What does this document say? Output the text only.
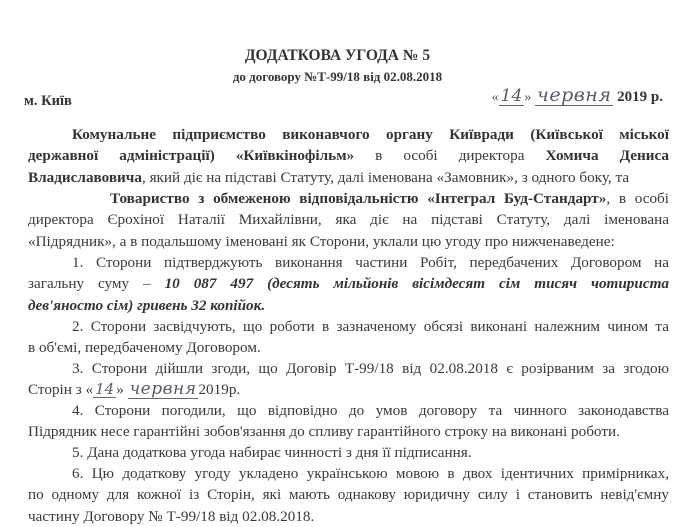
ДОДАТКОВА УГОДА № 5
до договору №Т-99/18 від 02.08.2018
м. Київ	« 14 » червня 2019 р.
Комунальне підприємство виконавчого органу Київради (Київської міської
державної адміністрації) «Київкінофільм» в особі директора Хомича Дениса
Владиславовича, який діє на підставі Статуту, далі іменована «Замовник», з одного боку, та
Товариство з обмеженою відповідальністю «Інтеграл Буд-Стандарт», в особі
директора Єрохіної Наталії Михайлівни, яка діє на підставі Статуту, далі іменована
«Підрядник», а в подальшому іменовані як Сторони, уклали цю угоду про нижченаведене:
1. Сторони підтверджують виконання частини Робіт, передбачених Договором на
загальну суму – 10 087 497 (десять мільйонів вісімдесят сім тисяч чотириста
дев'яносто сім) гривень 32 копійок.
2. Сторони засвідчують, що роботи в зазначеному обсязі виконані належним чином та
в об'ємі, передбаченому Договором.
3. Сторони дійшли згоди, що Договір Т-99/18 від 02.08.2018 є розірваним за згодою
Сторін з « 14 » червня 2019р.
4. Сторони погодили, що відповідно до умов договору та чинного законодавства
Підрядник несе гарантійні зобов'язання до спливу гарантійного строку на виконані роботи.
5. Дана додаткова угода набирає чинності з дня її підписання.
6. Цю додаткову угоду укладено українською мовою в двох ідентичних примірниках,
по одному для кожної із Сторін, які мають однакову юридичну силу і становить невід'ємну
частину Договору № Т-99/18 від 02.08.2018.
